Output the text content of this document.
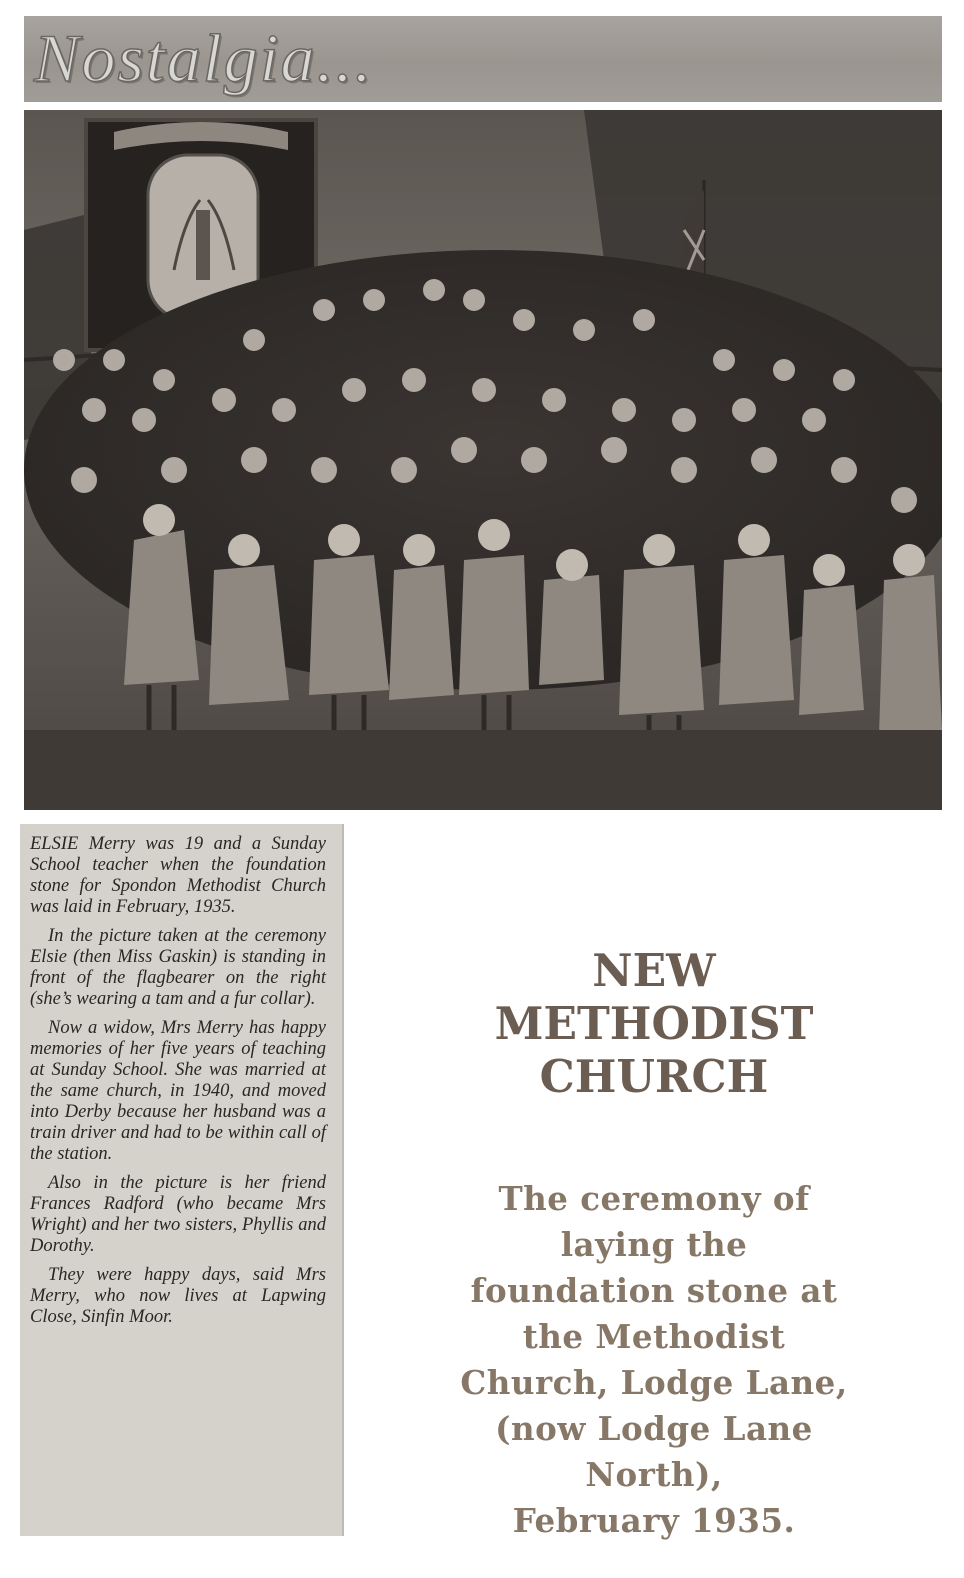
Nostalgia...

ELSIE Merry was 19 and a Sunday School teacher when the foundation stone for Spondon Methodist Church was laid in February, 1935.

In the picture taken at the ceremony Elsie (then Miss Gaskin) is standing in front of the flagbearer on the right (she’s wearing a tam and a fur collar).

Now a widow, Mrs Merry has happy memories of her five years of teaching at Sunday School. She was married at the same church, in 1940, and moved into Derby because her husband was a train driver and had to be within call of the station.

Also in the picture is her friend Frances Radford (who became Mrs Wright) and her two sisters, Phyllis and Dorothy.

They were happy days, said Mrs Merry, who now lives at Lapwing Close, Sinfin Moor.

NEW
METHODIST
CHURCH
The ceremony of
laying the
foundation stone at
the Methodist
Church, Lodge Lane,
(now Lodge Lane
North),
February 1935.
